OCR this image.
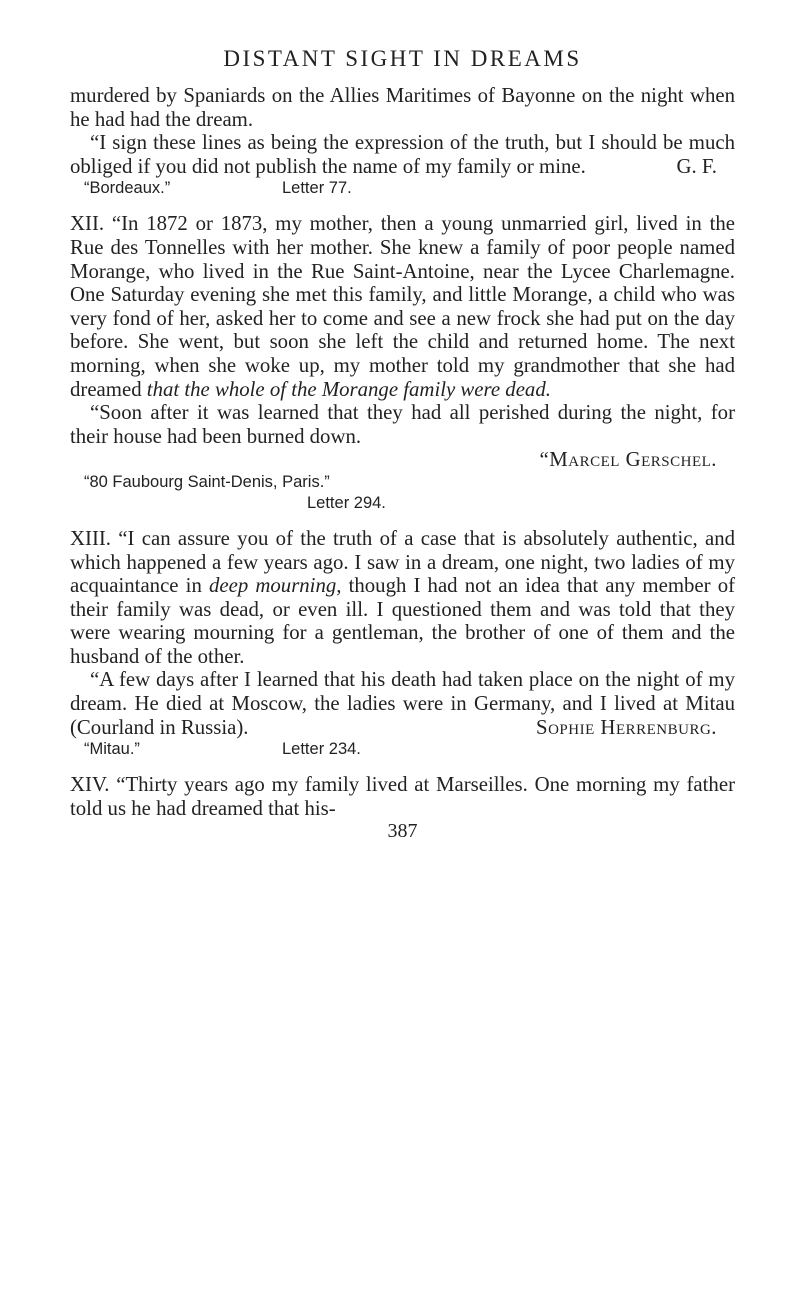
DISTANT SIGHT IN DREAMS

murdered by Spaniards on the Allies Maritimes of Bayonne on the night when he had had the dream.

“I sign these lines as being the expression of the truth, but I should be much obliged if you did not publish the name of my family or mine.	G. F.

“Bordeaux.”	Letter 77.

XII. “In 1872 or 1873, my mother, then a young unmarried girl, lived in the Rue des Tonnelles with her mother. She knew a family of poor people named Morange, who lived in the Rue Saint-Antoine, near the Lycee Charlemagne. One Saturday evening she met this family, and little Morange, a child who was very fond of her, asked her to come and see a new frock she had put on the day before. She went, but soon she left the child and returned home. The next morning, when she woke up, my mother told my grandmother that she had dreamed that the whole of the Morange family were dead.

“Soon after it was learned that they had all perished during the night, for their house had been burned down.

“Marcel Gerschel.
“80 Faubourg Saint-Denis, Paris.”
Letter 294.

XIII. “I can assure you of the truth of a case that is absolutely authentic, and which happened a few years ago. I saw in a dream, one night, two ladies of my acquaintance in deep mourning, though I had not an idea that any member of their family was dead, or even ill. I questioned them and was told that they were wearing mourning for a gentleman, the brother of one of them and the husband of the other.

“A few days after I learned that his death had taken place on the night of my dream. He died at Moscow, the ladies were in Germany, and I lived at Mitau (Courland in Russia).	Sophie Herrenburg.

“Mitau.”	Letter 234.

XIV. “Thirty years ago my family lived at Marseilles. One morning my father told us he had dreamed that his-

387
